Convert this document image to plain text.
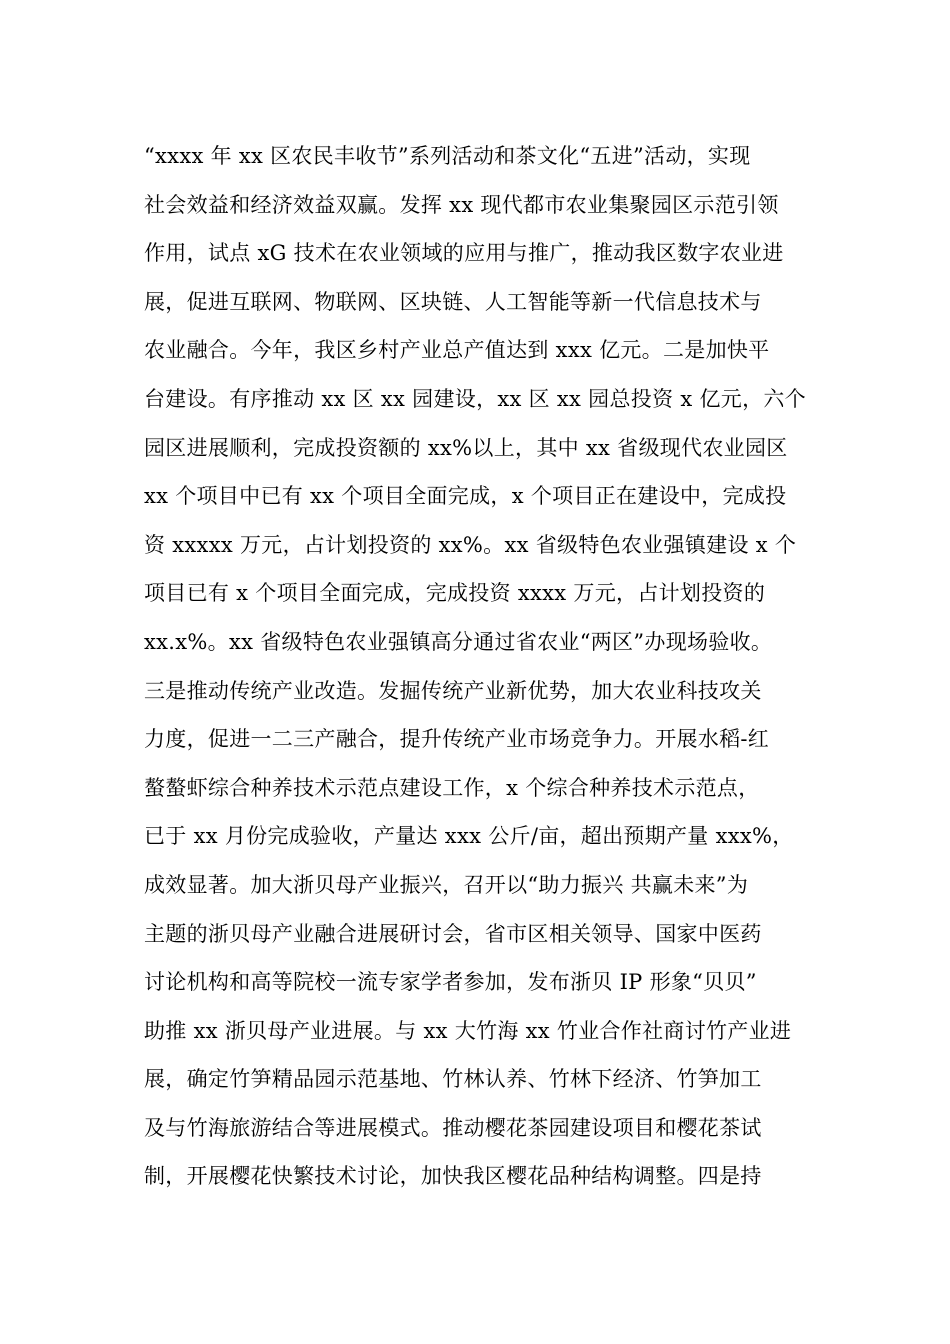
“xxxx 年 xx 区农民丰收节”系列活动和茶文化“五进”活动，实现
社会效益和经济效益双赢。发挥 xx 现代都市农业集聚园区示范引领
作用，试点 xG 技术在农业领域的应用与推广，推动我区数字农业进
展，促进互联网、物联网、区块链、人工智能等新一代信息技术与
农业融合。今年，我区乡村产业总产值达到 xxx 亿元。二是加快平
台建设。有序推动 xx 区 xx 园建设，xx 区 xx 园总投资 x 亿元，六个
园区进展顺利，完成投资额的 xx%以上，其中 xx 省级现代农业园区
xx 个项目中已有 xx 个项目全面完成，x 个项目正在建设中，完成投
资 xxxxx 万元，占计划投资的 xx%。xx 省级特色农业强镇建设 x 个
项目已有 x 个项目全面完成，完成投资 xxxx 万元，占计划投资的
xx.x%。xx 省级特色农业强镇高分通过省农业“两区”办现场验收。
三是推动传统产业改造。发掘传统产业新优势，加大农业科技攻关
力度，促进一二三产融合，提升传统产业市场竞争力。开展水稻-红
螯螯虾综合种养技术示范点建设工作，x 个综合种养技术示范点，
已于 xx 月份完成验收，产量达 xxx 公斤/亩，超出预期产量 xxx%，
成效显著。加大浙贝母产业振兴，召开以“助力振兴 共赢未来”为
主题的浙贝母产业融合进展研讨会，省市区相关领导、国家中医药
讨论机构和高等院校一流专家学者参加，发布浙贝 IP 形象“贝贝”
助推 xx 浙贝母产业进展。与 xx 大竹海 xx 竹业合作社商讨竹产业进
展，确定竹笋精品园示范基地、竹林认养、竹林下经济、竹笋加工
及与竹海旅游结合等进展模式。推动樱花茶园建设项目和樱花茶试
制，开展樱花快繁技术讨论，加快我区樱花品种结构调整。四是持
